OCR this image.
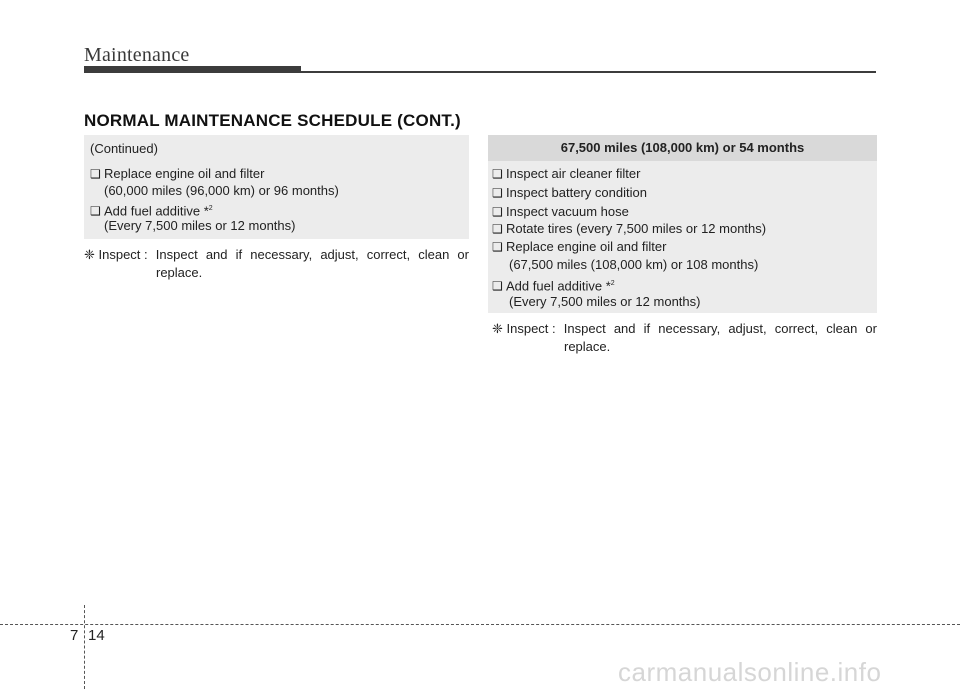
Maintenance
NORMAL MAINTENANCE SCHEDULE (CONT.)
(Continued)
❑ Replace engine oil and filter
(60,000 miles (96,000 km) or 96 months)
❑ Add fuel additive *$^2$
(Every 7,500 miles or 12 months)
❈ Inspect : Inspect and if necessary, adjust, correct, clean or
replace.
67,500 miles (108,000 km) or 54 months
❑ Inspect air cleaner filter
❑ Inspect battery condition
❑ Inspect vacuum hose
❑ Rotate tires (every 7,500 miles or 12 months)
❑ Replace engine oil and filter
(67,500 miles (108,000 km) or 108 months)
❑ Add fuel additive *$^2$
(Every 7,500 miles or 12 months)
❈ Inspect : Inspect and if necessary, adjust, correct, clean or
replace.
7 14
carmanualsonline.info
